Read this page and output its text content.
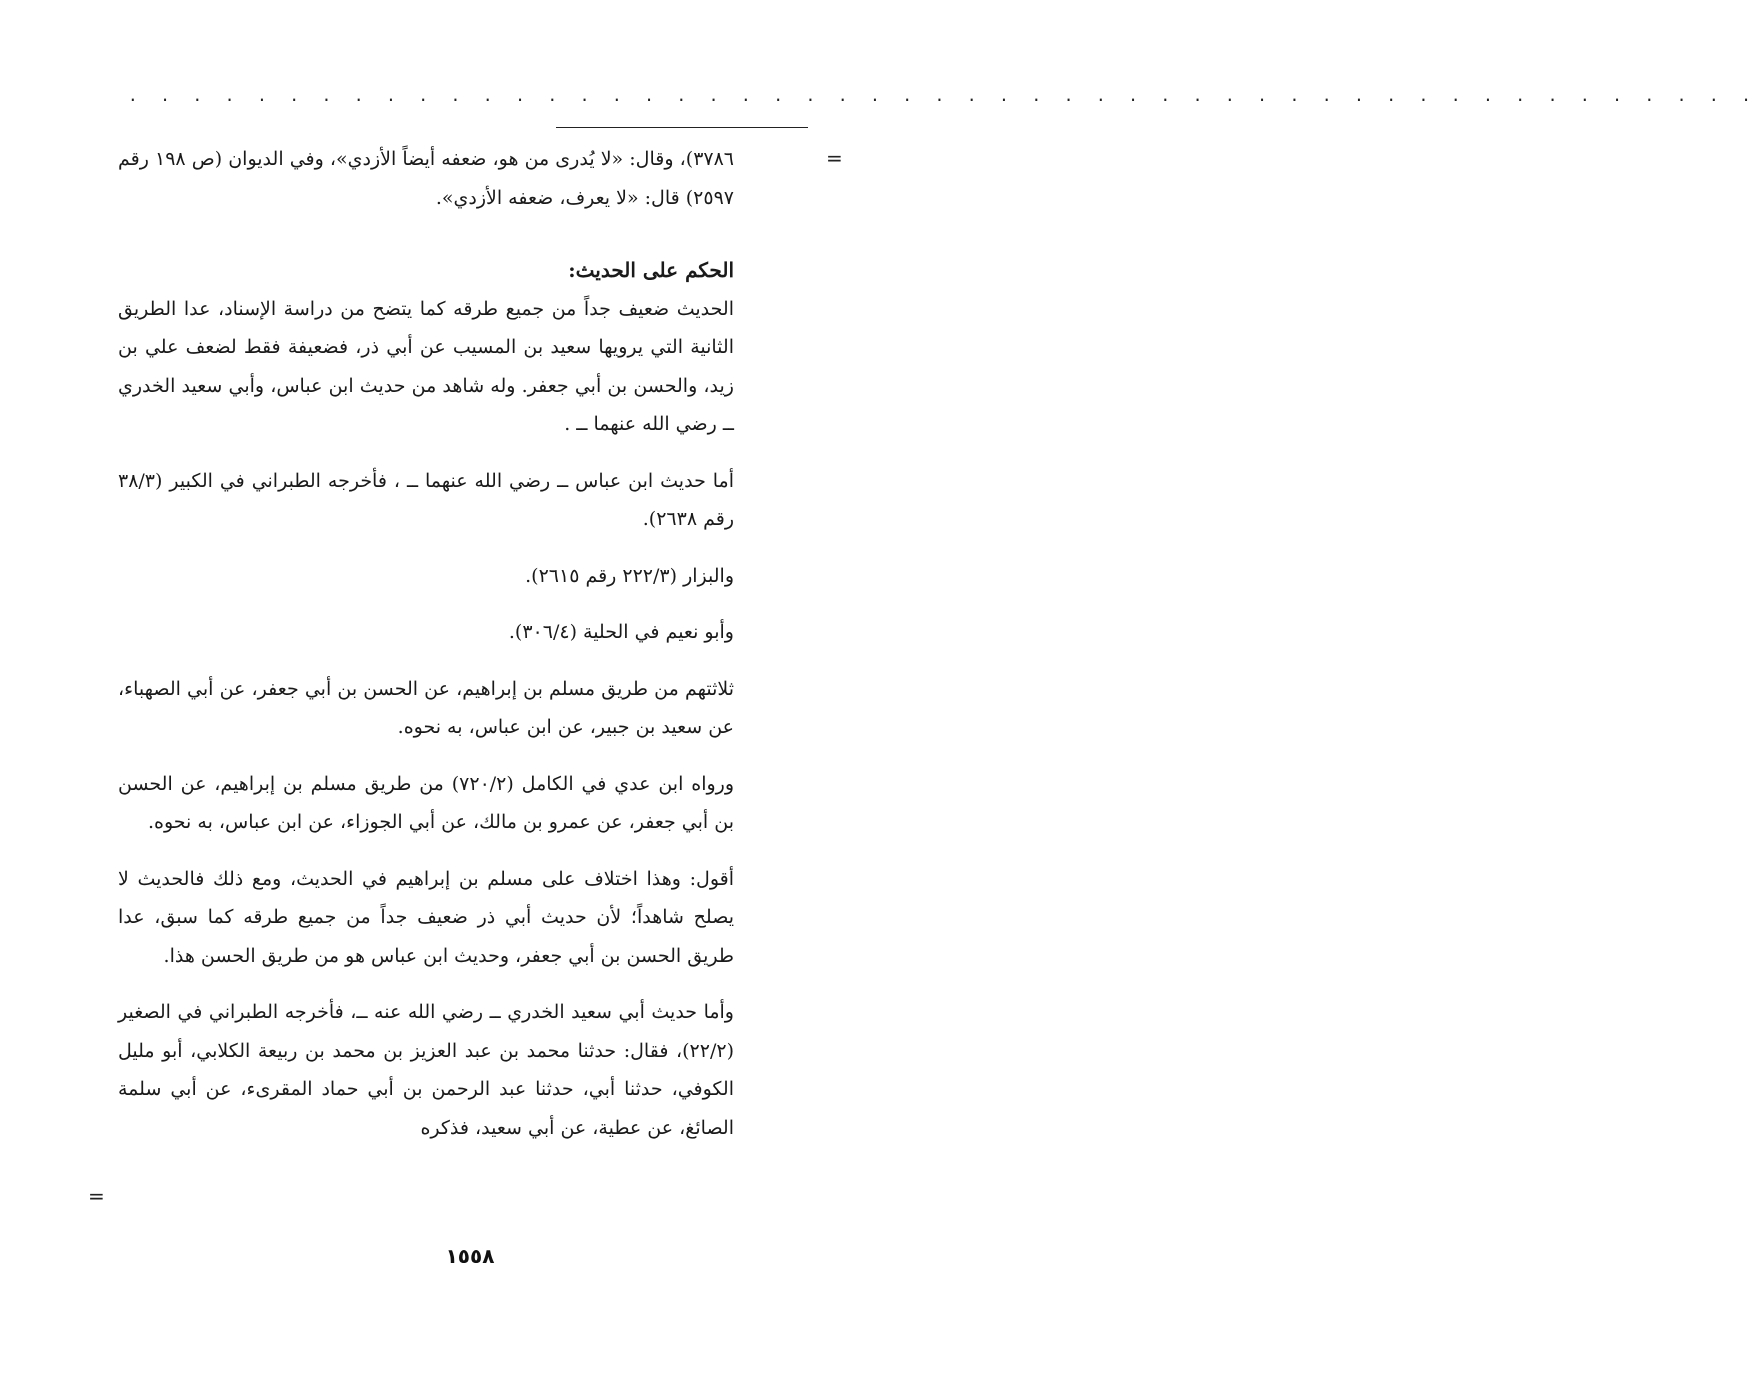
. . . . . . . . . . . . . . . . . . . . . . . . . . . . . . . . . . . . . . . . . . . . . . . . . . .
=
=

٣٧٨٦)، وقال: «لا يُدرى من هو، ضعفه أيضاً الأزدي»، وفي الديوان (ص ١٩٨ رقم ٢٥٩٧) قال: «لا يعرف، ضعفه الأزدي».

الحكم على الحديث:

الحديث ضعيف جداً من جميع طرقه كما يتضح من دراسة الإسناد، عدا الطريق الثانية التي يرويها سعيد بن المسيب عن أبي ذر، فضعيفة فقط لضعف علي بن زيد، والحسن بن أبي جعفر. وله شاهد من حديث ابن عباس، وأبي سعيد الخدري ــ رضي الله عنهما ــ .

أما حديث ابن عباس ــ رضي الله عنهما ــ ، فأخرجه الطبراني في الكبير (٣٨/٣ رقم ٢٦٣٨).

والبزار (٢٢٢/٣ رقم ٢٦١٥).

وأبو نعيم في الحلية (٣٠٦/٤).

ثلاثتهم من طريق مسلم بن إبراهيم، عن الحسن بن أبي جعفر، عن أبي الصهباء، عن سعيد بن جبير، عن ابن عباس، به نحوه.

ورواه ابن عدي في الكامل (٧٢٠/٢) من طريق مسلم بن إبراهيم، عن الحسن بن أبي جعفر، عن عمرو بن مالك، عن أبي الجوزاء، عن ابن عباس، به نحوه.

أقول: وهذا اختلاف على مسلم بن إبراهيم في الحديث، ومع ذلك فالحديث لا يصلح شاهداً؛ لأن حديث أبي ذر ضعيف جداً من جميع طرقه كما سبق، عدا طريق الحسن بن أبي جعفر، وحديث ابن عباس هو من طريق الحسن هذا.

وأما حديث أبي سعيد الخدري ــ رضي الله عنه ــ، فأخرجه الطبراني في الصغير (٢٢/٢)، فقال: حدثنا محمد بن عبد العزيز بن محمد بن ربيعة الكلابي، أبو مليل الكوفي، حدثنا أبي، حدثنا عبد الرحمن بن أبي حماد المقرىء، عن أبي سلمة الصائغ، عن عطية، عن أبي سعيد، فذكره

١٥٥٨
